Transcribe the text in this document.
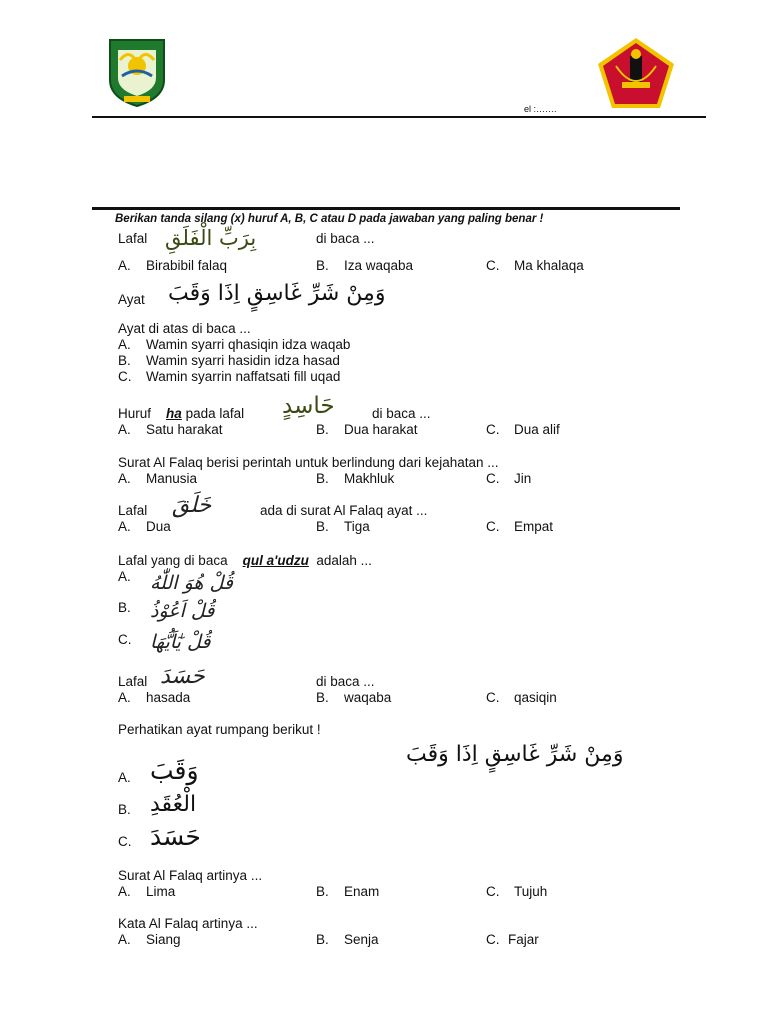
el :…….
Berikan tanda silang (x) huruf A, B, C atau D pada jawaban yang paling benar !
Lafal بِرَبِّ الْفَلَقِ	di baca ...
A. Birabibil falaq	B. Iza waqaba	C. Ma khalaqa
Ayat وَمِنْ شَرِّ غَاسِقٍ اِذَا وَقَبَ
Ayat di atas di baca ...
A. Wamin syarri qhasiqin idza waqab
B. Wamin syarri hasidin idza hasad
C. Wamin syarrin naffatsati fill uqad
Huruf ha pada lafal حَاسِدٍ	di baca ...
A. Satu harakat	B. Dua harakat	C. Dua alif
Surat Al Falaq berisi perintah untuk berlindung dari kejahatan ...
A. Manusia	B. Makhluk	C. Jin
Lafal خَلَقَ	ada di surat Al Falaq ayat ...
A. Dua	B. Tiga	C. Empat
Lafal yang di baca qul a'udzu adalah ...
A. قُلْ هُوَ اللّٰهُ
B. قُلْ اَعُوْذُ
C. قُلْ يٰٓاَيُّهَا
Lafal حَسَدَ	di baca ...
A. hasada	B. waqaba	C. qasiqin
Perhatikan ayat rumpang berikut !
وَمِنْ شَرِّ غَاسِقٍ اِذَا وَقَبَ
A. وَقَبَ
B. الْعُقَدِ
C. حَسَدَ
Surat Al Falaq artinya ...
A. Lima	B. Enam	C. Tujuh
Kata Al Falaq artinya ...
A. Siang	B. Senja	C. Fajar
